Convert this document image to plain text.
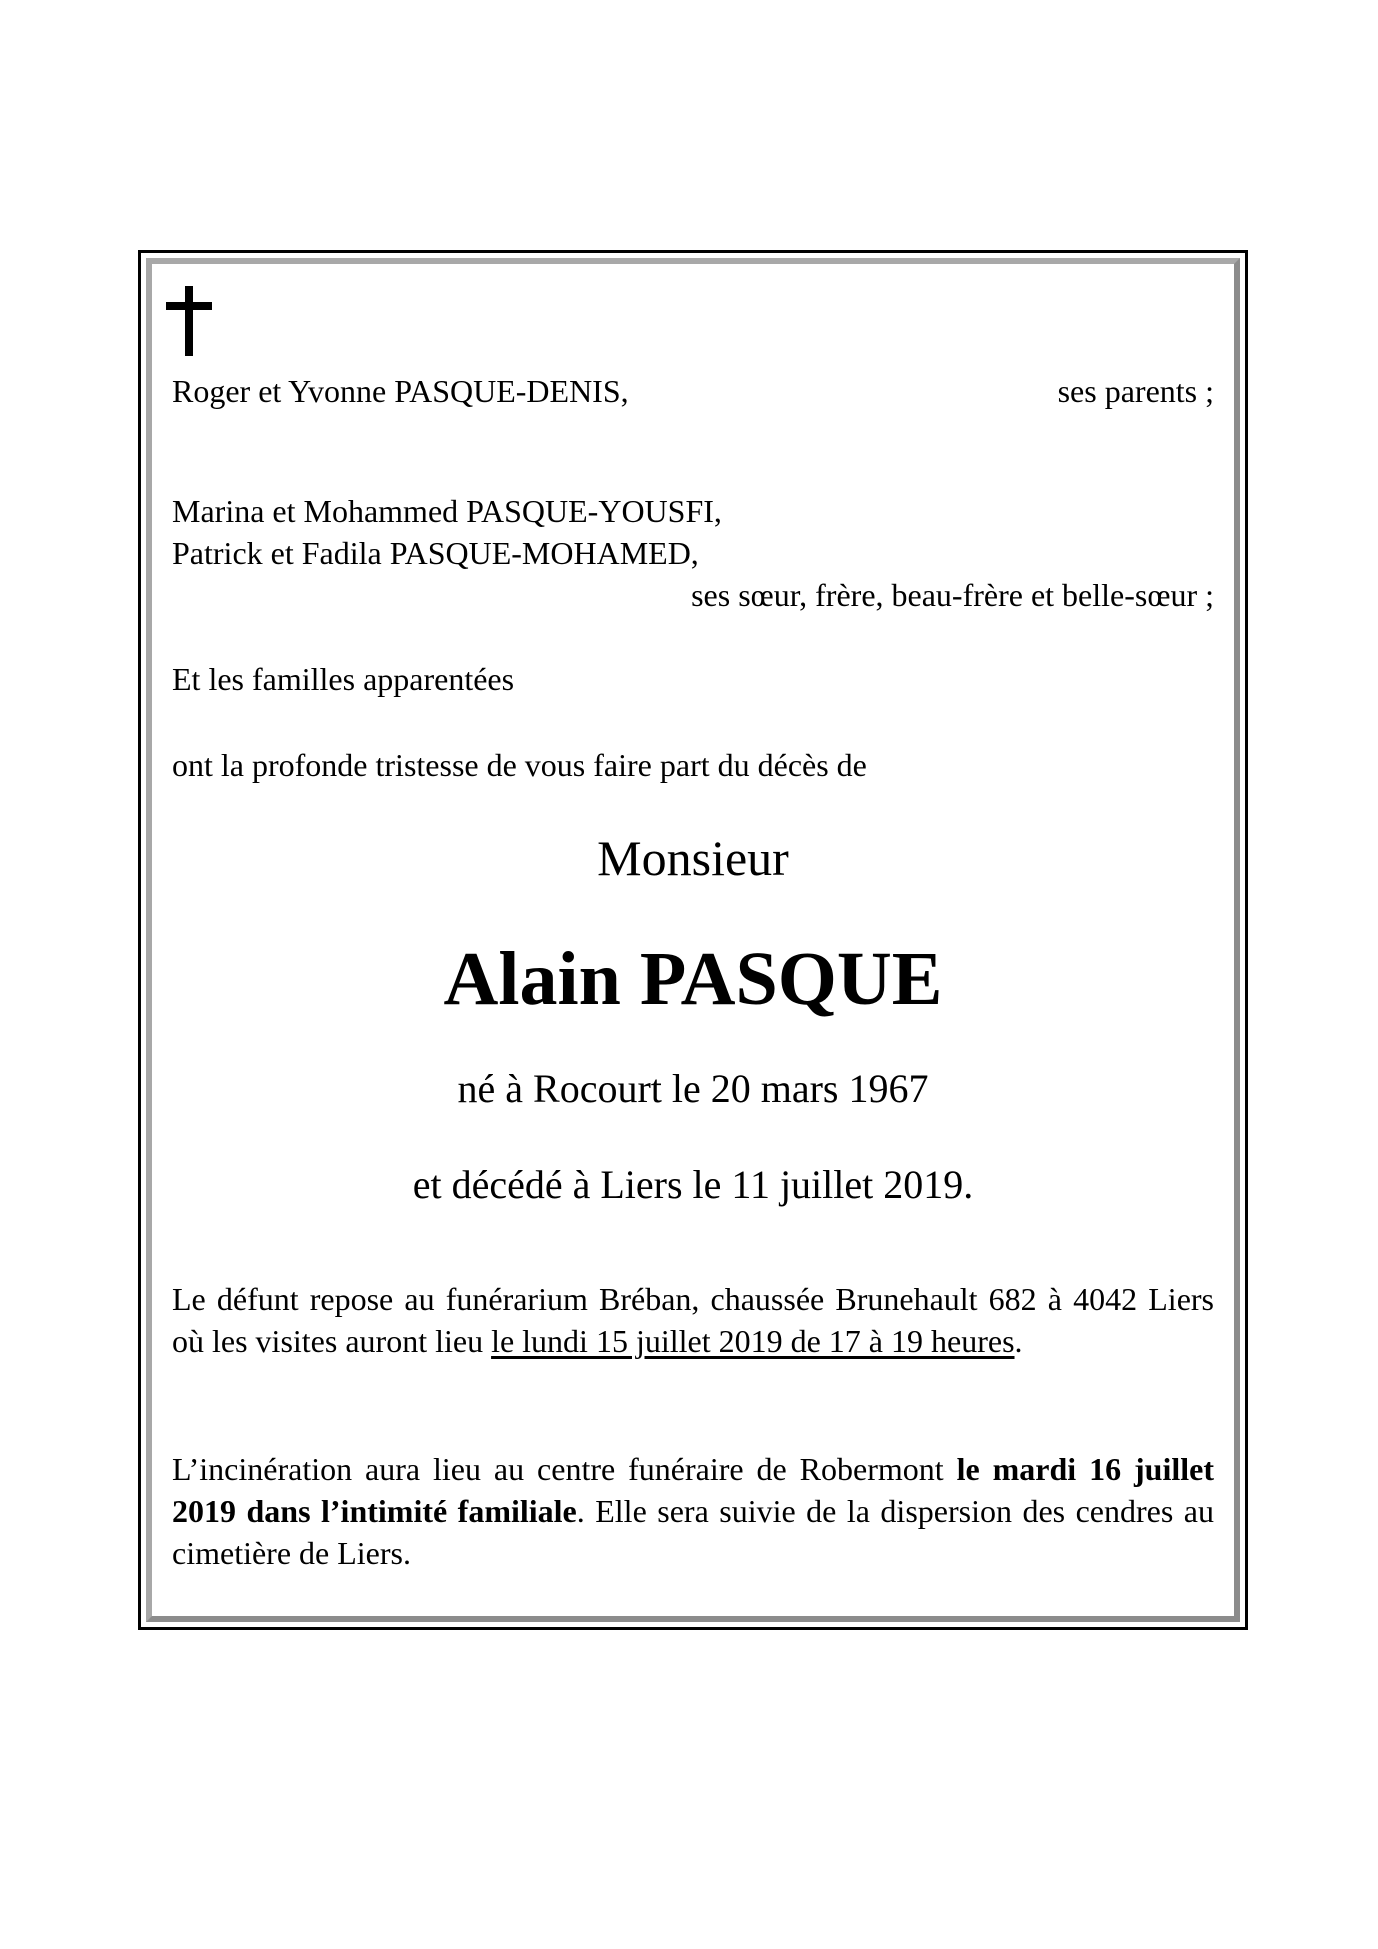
Roger et Yvonne PASQUE-DENIS,	ses parents ;
Marina et Mohammed PASQUE-YOUSFI,
Patrick et Fadila PASQUE-MOHAMED,
ses sœur, frère, beau-frère et belle-sœur ;
Et les familles apparentées
ont la profonde tristesse de vous faire part du décès de
Monsieur
Alain PASQUE
né à Rocourt le 20 mars 1967
et décédé à Liers le 11 juillet 2019.
Le défunt repose au funérarium Bréban, chaussée Brunehault 682 à 4042 Liers où les visites auront lieu le lundi 15 juillet 2019 de 17 à 19 heures.
L’incinération aura lieu au centre funéraire de Robermont le mardi 16 juillet 2019 dans l’intimité familiale. Elle sera suivie de la dispersion des cendres au cimetière de Liers.
